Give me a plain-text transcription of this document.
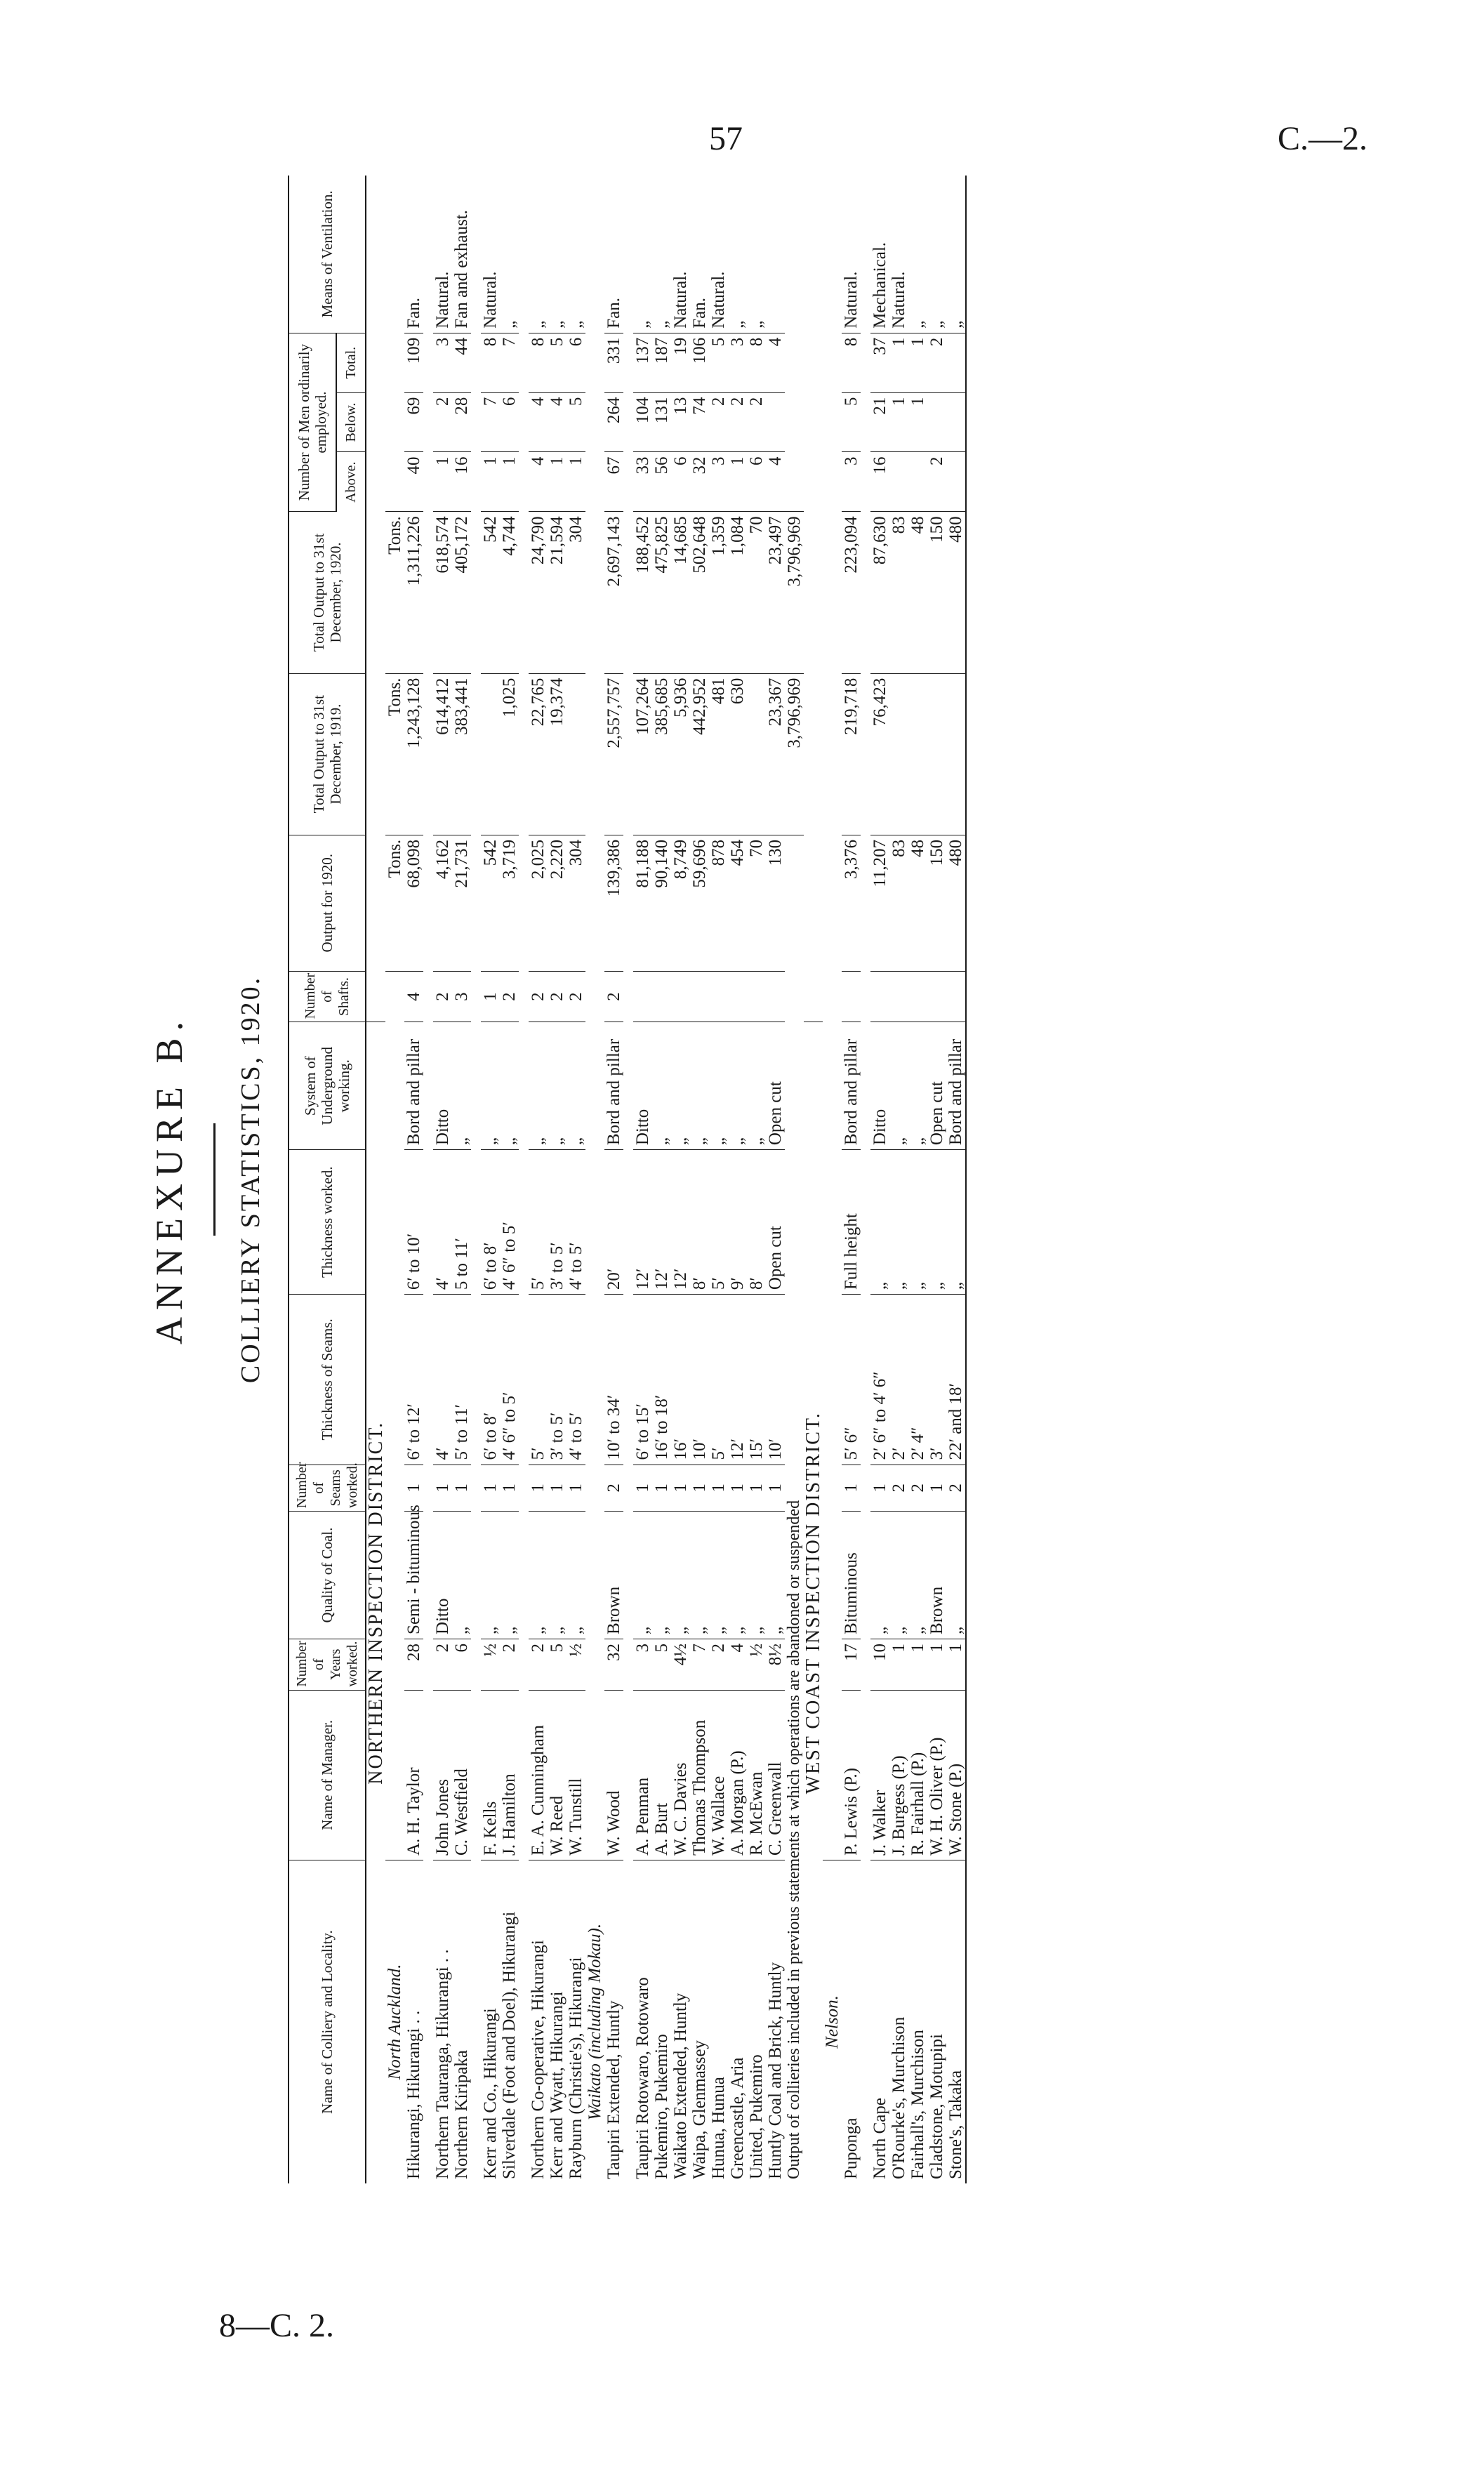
57	C.—2.
8—C. 2.
ANNEXURE B. COLLIERY STATISTICS, 1920.
Name of Colliery and Locality.	Name of Manager.	Number of Years worked.	Quality of Coal.	Number of Seams worked.	Thickness of Seams.	Thickness worked.	System of Underground working.	Number of Shafts.	Output for 1920.	Total Output to 31st December, 1919.	Total Output to 31st December, 1920.	Number of Men ordinarily employed.			Means of Ventilation.
												Above.	Below.	Total.	
NORTHERN INSPECTION DISTRICT.															
North Auckland.									Tons.	Tons.	Tons.				
Hikurangi, Hikurangi . .	A. H. Taylor	28	Semi - bituminous	1	6′ to 12′	6′ to 10′	Bord and pillar	4	68,098	1,243,128	1,311,226	40	69	109	Fan.

Northern Tauranga, Hikurangi . .	John Jones	2	Ditto	1	4′	4′	Ditto	2	4,162	614,412	618,574	1	2	3	Natural.
Northern Kiripaka	C. Westfield	6	„	1	5′ to 11′	5 to 11′	„	3	21,731	383,441	405,172	16	28	44	Fan and exhaust.

Kerr and Co., Hikurangi	F. Kells	½	„	1	6′ to 8′	6′ to 8′	„	1	542		542	1	7	8	Natural.
Silverdale (Foot and Doel), Hikurangi	J. Hamilton	2	„	1	4′ 6″ to 5′	4′ 6″ to 5′	„	2	3,719	1,025	4,744	1	6	7	„

Northern Co-operative, Hikurangi	E. A. Cunningham	2	„	1	5′	5′	„	2	2,025	22,765	24,790	4	4	8	„
Kerr and Wyatt, Hikurangi	W. Reed	5	„	1	3′ to 5′	3′ to 5′	„	2	2,220	19,374	21,594	1	4	5	„
Rayburn (Christie's), Hikurangi	W. Tunstill	½	„	1	4′ to 5′	4′ to 5′	„	2	304		304	1	5	6	„
Waikato (including Mokau).															
Taupiri Extended, Huntly	W. Wood	32	Brown	2	10′ to 34′	20′	Bord and pillar	2	139,386	2,557,757	2,697,143	67	264	331	Fan.

Taupiri Rotowaro, Rotowaro	A. Penman	3	„	1	6′ to 15′	12′	Ditto		81,188	107,264	188,452	33	104	137	„
Pukemiro, Pukemiro	A. Burt	5	„	1	16′ to 18′	12′	„		90,140	385,685	475,825	56	131	187	„
Waikato Extended, Huntly	W. C. Davies	4½	„	1	16′	12′	„		8,749	5,936	14,685	6	13	19	Natural.
Waipa, Glenmassey	Thomas Thompson	7	„	1	10′	8′	„		59,696	442,952	502,648	32	74	106	Fan.
Hunua, Hunua	W. Wallace	2	„	1	5′	5′	„		878	481	1,359	3	2	5	Natural.
Greencastle, Aria	A. Morgan (P.)	4	„	1	12′	9′	„		454	630	1,084	1	2	3	„
United, Pukemiro	R. McEwan	½	„	1	15′	8′	„		70		70	6	2	8	„
Huntly Coal and Brick, Huntly	C. Greenwall	8½	„	1	10′	Open cut	Open cut		130	23,367	23,497	4		4	
Output of collieries included in previous statements at which operations are abandoned or suspended										3,796,969	3,796,969				
WEST COAST INSPECTION DISTRICT.															
Nelson.															
Puponga	P. Lewis (P.)	17	Bituminous	1	5′ 6″	Full height	Bord and pillar		3,376	219,718	223,094	3	5	8	Natural.

North Cape	J. Walker	10	„	1	2′ 6″ to 4′ 6″	„	Ditto		11,207	76,423	87,630	16	21	37	Mechanical.
O'Rourke's, Murchison	J. Burgess (P.)	1	„	2	2′	„	„		83		83		1	1	Natural.
Fairhall's, Murchison	R. Fairhall (P.)	1	„	2	2′ 4″	„	„		48		48		1	1	„
Gladstone, Motupipi	W. H. Oliver (P.)	1	Brown	1	3′	„	Open cut		150		150	2		2	„
Stone's, Takaka	W. Stone (P.)	1	„	2	22′ and 18′	„	Bord and pillar		480		480				„
